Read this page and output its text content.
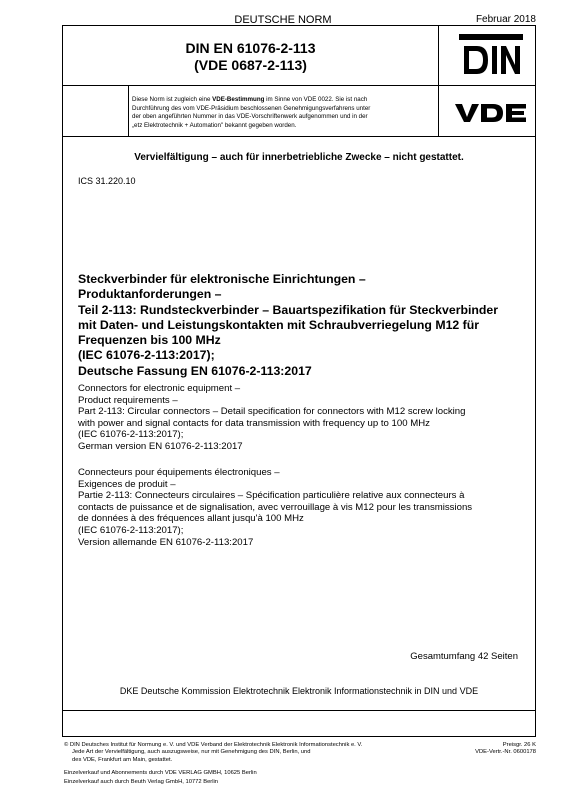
DEUTSCHE NORM	Februar 2018
DIN EN 61076-2-113
(VDE 0687-2-113)
Diese Norm ist zugleich eine VDE-Bestimmung im Sinne von VDE 0022. Sie ist nach
Durchführung des vom VDE-Präsidium beschlossenen Genehmigungsverfahrens unter
der oben angeführten Nummer in das VDE-Vorschriftenwerk aufgenommen und in der
„etz Elektrotechnik + Automation" bekannt gegeben worden.
Vervielfältigung – auch für innerbetriebliche Zwecke – nicht gestattet.
ICS 31.220.10
Steckverbinder für elektronische Einrichtungen –
Produktanforderungen –
Teil 2-113: Rundsteckverbinder – Bauartspezifikation für Steckverbinder
mit Daten- und Leistungskontakten mit Schraubverriegelung M12 für
Frequenzen bis 100 MHz
(IEC 61076-2-113:2017);
Deutsche Fassung EN 61076-2-113:2017
Connectors for electronic equipment –
Product requirements –
Part 2-113: Circular connectors – Detail specification for connectors with M12 screw locking
with power and signal contacts for data transmission with frequency up to 100 MHz
(IEC 61076-2-113:2017);
German version EN 61076-2-113:2017
Connecteurs pour équipements électroniques –
Exigences de produit –
Partie 2-113: Connecteurs circulaires – Spécification particulière relative aux connecteurs à
contacts de puissance et de signalisation, avec verrouillage à vis M12 pour les transmissions
de données à des fréquences allant jusqu'à 100 MHz
(IEC 61076-2-113:2017);
Version allemande EN 61076-2-113:2017
Gesamtumfang 42 Seiten
DKE Deutsche Kommission Elektrotechnik Elektronik Informationstechnik in DIN und VDE
© DIN Deutsches Institut für Normung e. V. und VDE Verband der Elektrotechnik Elektronik Informationstechnik e. V.
Jede Art der Vervielfältigung, auch auszugsweise, nur mit Genehmigung des DIN, Berlin, und
des VDE, Frankfurt am Main, gestattet.
Preisgr. 26 K
VDE-Vertr.-Nr. 0600178
Einzelverkauf und Abonnements durch VDE VERLAG GMBH, 10625 Berlin
Einzelverkauf auch durch Beuth Verlag GmbH, 10772 Berlin
